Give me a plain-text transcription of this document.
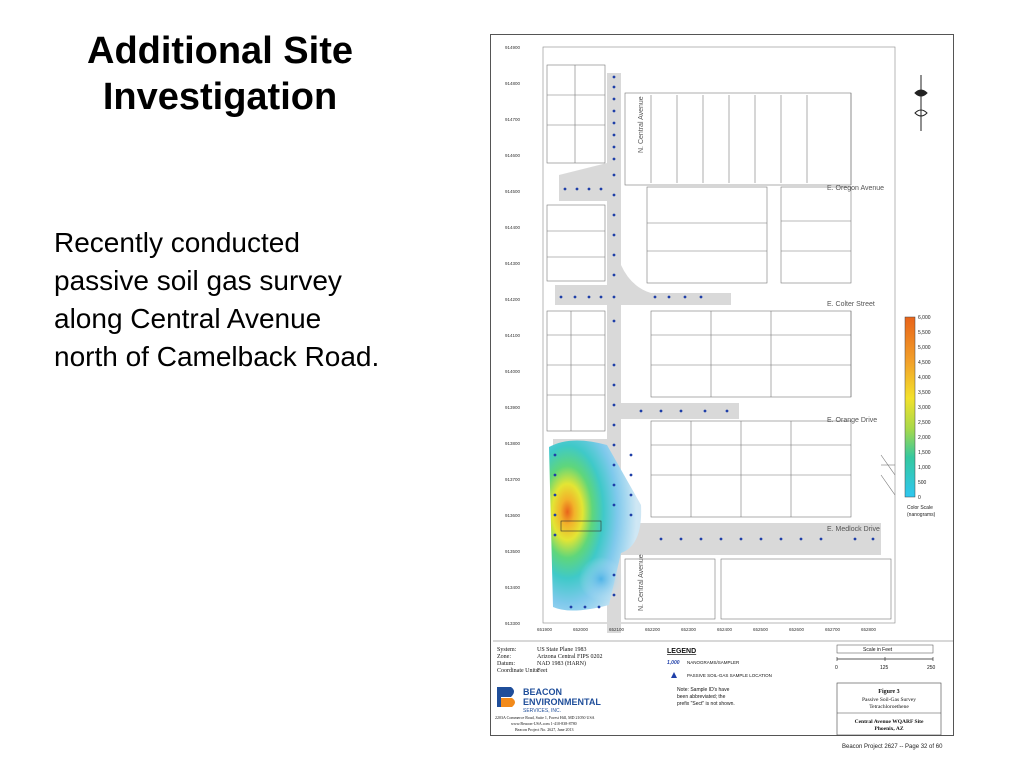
Additional Site
Investigation
Recently conducted
passive soil gas survey
along Central Avenue
north of Camelback Road.
E. Oregon Avenue
E. Colter Street
E. Orange Drive
E. Medlock Drive
N. Central Avenue
N. Central Avenue
914900
914800
914700
914600
914500
914400
914300
914200
914100
914000
913900
913800
913700
913600
913500
913400
913300
651900	652000	652100	652200	652300	652400	652500	652600	652700	652800
6,000
5,500
5,000
4,500
4,000
3,500
3,000
2,500
2,000
1,500
1,000
500
0
Color Scale
(nanograms)
System:	US State Plane 1983
Zone:	Arizona Central FIPS 0202
Datum:	NAD 1983 (HARN)
Coordinate Units:
Feet
LEGEND
1,000 NANOGRAMS/SAMPLER
PASSIVE SOIL-GAS SAMPLE LOCATION
Note: Sample ID's have
been abbreviated; the
prefix "Sect" is not shown.
Scale in Feet
0	125	250
BEACON
ENVIRONMENTAL
SERVICES, INC.
2203A Commerce Road, Suite 1, Forest Hill, MD 21050 USA
www.Beacon-USA.com 1-410-838-8780
Beacon Project No. 2627, June 2013
Figure 3
Passive Soil-Gas Survey
Tetrachloroethene
Central Avenue WQARF Site
Phoenix, AZ
Beacon Project 2627 -- Page 32 of 60
